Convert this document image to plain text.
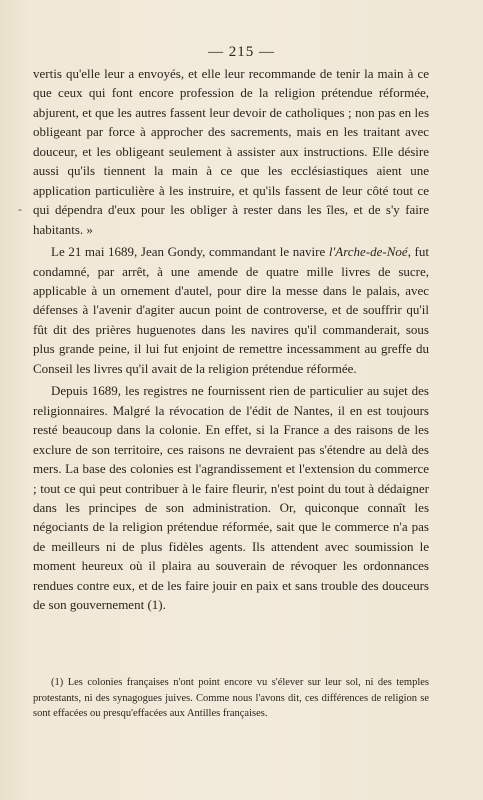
— 215 —
-

vertis qu'elle leur a envoyés, et elle leur recommande de tenir la main à ce que ceux qui font encore profession de la religion prétendue réformée, abjurent, et que les autres fassent leur devoir de catholiques ; non pas en les obligeant par force à approcher des sacrements, mais en les traitant avec douceur, et les obligeant seulement à assister aux instructions. Elle désire aussi qu'ils tiennent la main à ce que les ecclésiastiques aient une application particulière à les instruire, et qu'ils fassent de leur côté tout ce qui dépendra d'eux pour les obliger à rester dans les îles, et de s'y faire habitants. »

Le 21 mai 1689, Jean Gondy, commandant le navire l'Arche-de-Noé, fut condamné, par arrêt, à une amende de quatre mille livres de sucre, applicable à un ornement d'autel, pour dire la messe dans le palais, avec défenses à l'avenir d'agiter aucun point de controverse, et de souffrir qu'il fût dit des prières huguenotes dans les navires qu'il commanderait, sous plus grande peine, il lui fut enjoint de remettre incessamment au greffe du Conseil les livres qu'il avait de la religion prétendue réformée.

Depuis 1689, les registres ne fournissent rien de particulier au sujet des religionnaires. Malgré la révocation de l'édit de Nantes, il en est toujours resté beaucoup dans la colonie. En effet, si la France a des raisons de les exclure de son territoire, ces raisons ne devraient pas s'étendre au delà des mers. La base des colonies est l'agrandissement et l'extension du commerce ; tout ce qui peut contribuer à le faire fleurir, n'est point du tout à dédaigner dans les principes de son administration. Or, quiconque connaît les négociants de la religion prétendue réformée, sait que le commerce n'a pas de meilleurs ni de plus fidèles agents. Ils attendent avec soumission le moment heureux où il plaira au souverain de révoquer les ordonnances rendues contre eux, et de les faire jouir en paix et sans trouble des douceurs de son gouvernement (1).

(1) Les colonies françaises n'ont point encore vu s'élever sur leur sol, ni des temples protestants, ni des synagogues juives. Comme nous l'avons dit, ces différences de religion se sont effacées ou presqu'effacées aux Antilles françaises.
